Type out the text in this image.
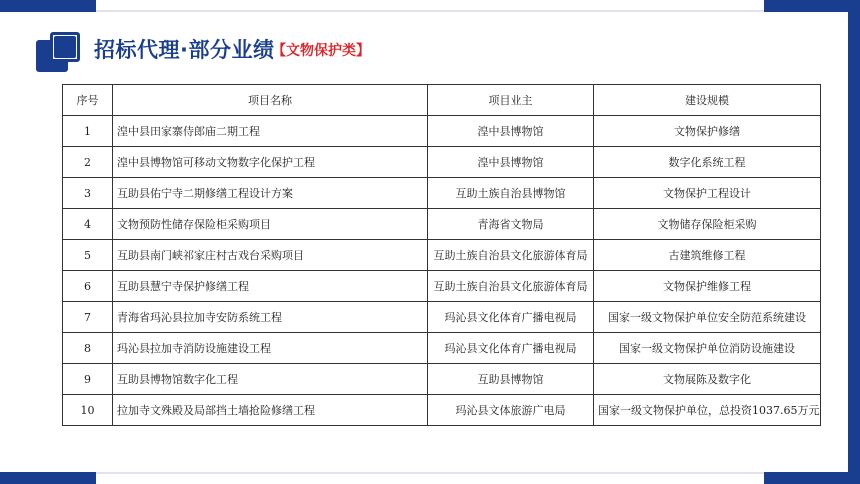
招标代理·部分业绩
【文物保护类】
序号	项目名称	项目业主	建设规模
1	湟中县田家寨侍郎庙二期工程	湟中县博物馆	文物保护修缮
2	湟中县博物馆可移动文物数字化保护工程	湟中县博物馆	数字化系统工程
3	互助县佑宁寺二期修缮工程设计方案	互助土族自治县博物馆	文物保护工程设计
4	文物预防性储存保险柜采购项目	青海省文物局	文物储存保险柜采购
5	互助县南门峡祁家庄村古戏台采购项目	互助土族自治县文化旅游体育局	古建筑维修工程
6	互助县慧宁寺保护修缮工程	互助土族自治县文化旅游体育局	文物保护维修工程
7	青海省玛沁县拉加寺安防系统工程	玛沁县文化体育广播电视局	国家一级文物保护单位安全防范系统建设
8	玛沁县拉加寺消防设施建设工程	玛沁县文化体育广播电视局	国家一级文物保护单位消防设施建设
9	互助县博物馆数字化工程	互助县博物馆	文物展陈及数字化
10	拉加寺文殊殿及局部挡土墙抢险修缮工程	玛沁县文体旅游广电局	国家一级文物保护单位，总投资1037.65万元
